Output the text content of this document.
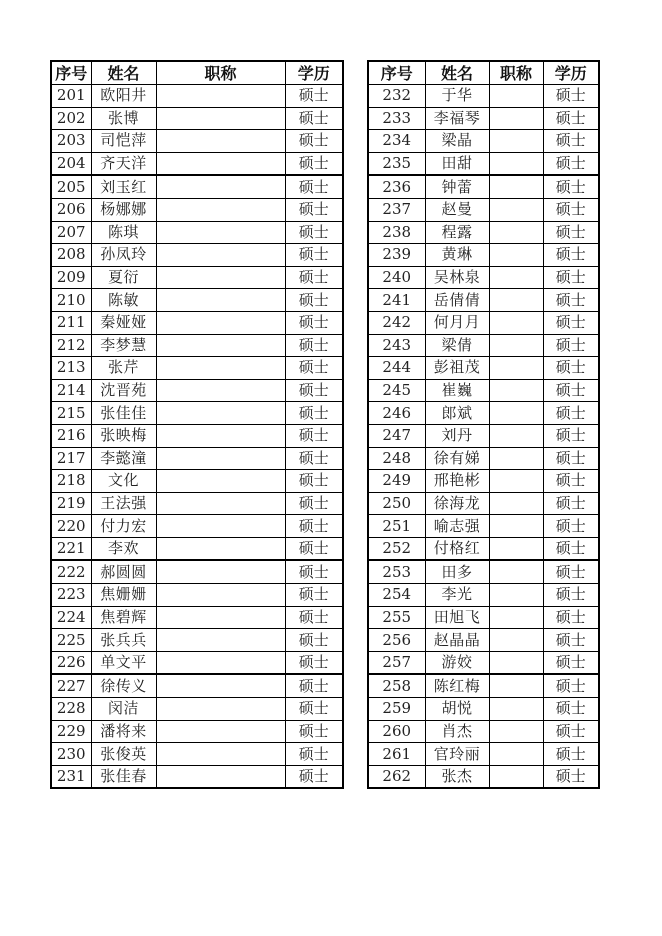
序号	姓名	职称	学历
201	欧阳井		硕士
202	张博		硕士
203	司恺萍		硕士
204	齐天洋		硕士
205	刘玉红		硕士
206	杨娜娜		硕士
207	陈琪		硕士
208	孙凤玲		硕士
209	夏衍		硕士
210	陈敏		硕士
211	秦娅娅		硕士
212	李梦慧		硕士
213	张芹		硕士
214	沈晋苑		硕士
215	张佳佳		硕士
216	张映梅		硕士
217	李懿潼		硕士
218	文化		硕士
219	王法强		硕士
220	付力宏		硕士
221	李欢		硕士
222	郝圆圆		硕士
223	焦姗姗		硕士
224	焦碧辉		硕士
225	张兵兵		硕士
226	单文平		硕士
227	徐传义		硕士
228	闵洁		硕士
229	潘将来		硕士
230	张俊英		硕士
231	张佳春		硕士
序号	姓名	职称	学历
232	于华		硕士
233	李福琴		硕士
234	梁晶		硕士
235	田甜		硕士
236	钟蕾		硕士
237	赵曼		硕士
238	程露		硕士
239	黄琳		硕士
240	吴林泉		硕士
241	岳倩倩		硕士
242	何月月		硕士
243	梁倩		硕士
244	彭祖茂		硕士
245	崔巍		硕士
246	郎斌		硕士
247	刘丹		硕士
248	徐有娣		硕士
249	邢艳彬		硕士
250	徐海龙		硕士
251	喻志强		硕士
252	付格红		硕士
253	田多		硕士
254	李光		硕士
255	田旭飞		硕士
256	赵晶晶		硕士
257	游姣		硕士
258	陈红梅		硕士
259	胡悦		硕士
260	肖杰		硕士
261	官玲丽		硕士
262	张杰		硕士
